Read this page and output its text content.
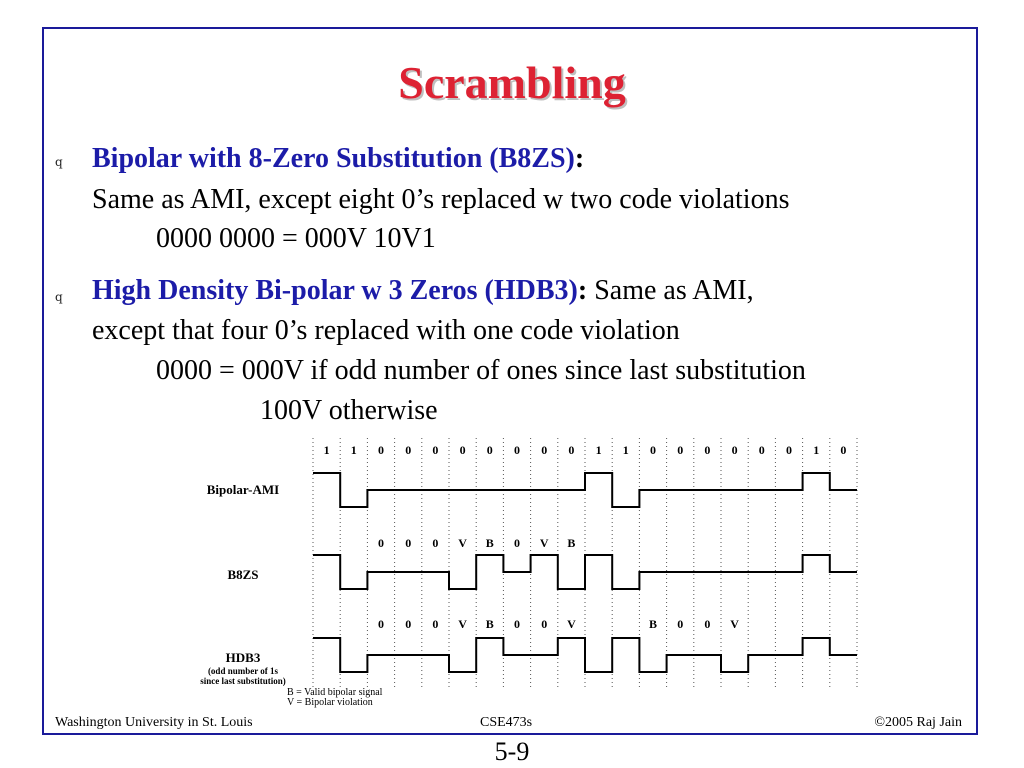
Scrambling
q Bipolar with 8-Zero Substitution (B8ZS):
Same as AMI, except eight 0’s replaced w two code violations
0000 0000 = 000V 10V1
q High Density Bi-polar w 3 Zeros (HDB3): Same as AMI,
except that four 0’s replaced with one code violation
0000 = 000V if odd number of ones since last substitution
100V otherwise
1 1 0 0 0 0 0 0 0 0 1 1 0 0 0 0 0 0 1 0
Bipolar-AMI
B8ZS
0 0 0 V B 0 V B
HDB3
(odd number of 1s
since last substitution)
0 0 0 V B 0 0 V	B 0 0 V
B = Valid bipolar signal
V = Bipolar violation
Washington University in St. Louis	CSE473s	©2005 Raj Jain
5-9
